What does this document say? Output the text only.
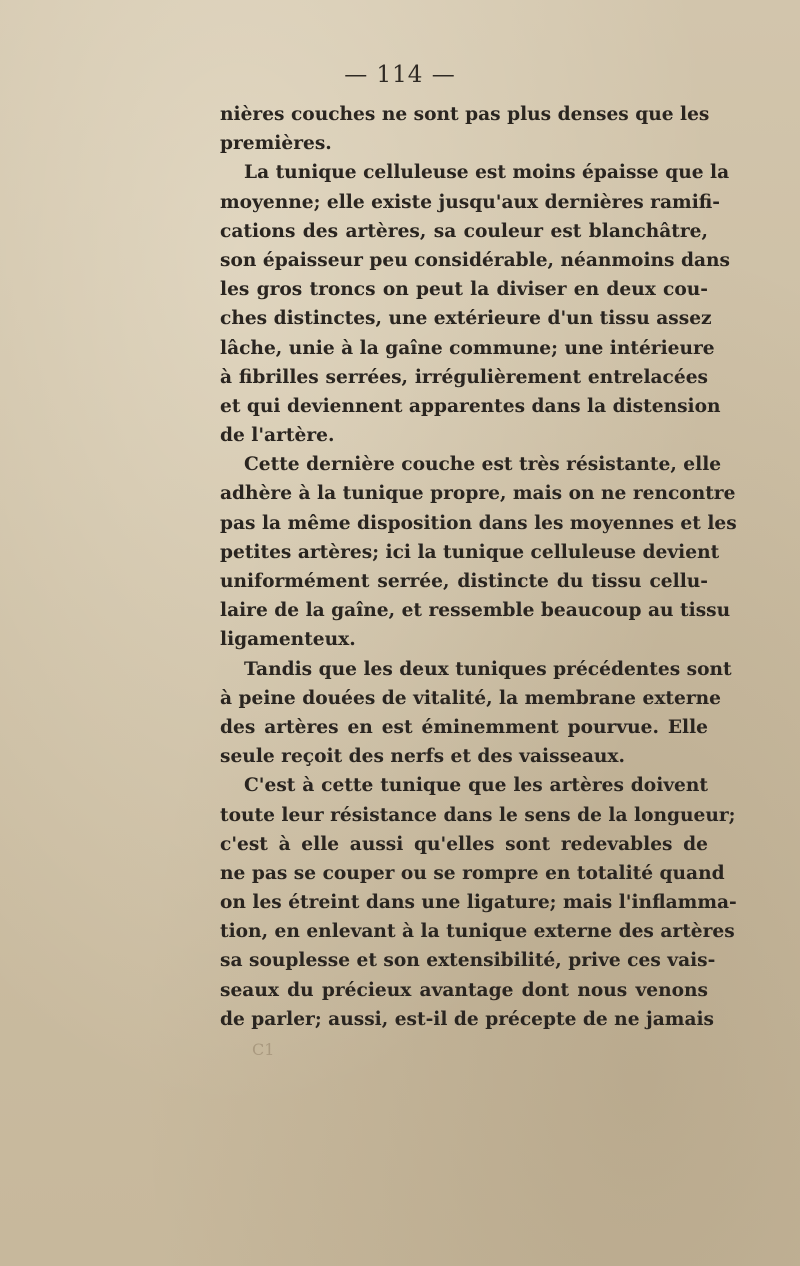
— 114 —
nières couches ne sont pas plus denses que les
premières.
La tunique celluleuse est moins épaisse que la
moyenne; elle existe jusqu'aux dernières ramifi-
cations des artères, sa couleur est blanchâtre,
son épaisseur peu considérable, néanmoins dans
les gros troncs on peut la diviser en deux cou-
ches distinctes, une extérieure d'un tissu assez
lâche, unie à la gaîne commune; une intérieure
à fibrilles serrées, irrégulièrement entrelacées
et qui deviennent apparentes dans la distension
de l'artère.
Cette dernière couche est très résistante, elle
adhère à la tunique propre, mais on ne rencontre
pas la même disposition dans les moyennes et les
petites artères; ici la tunique celluleuse devient
uniformément serrée, distincte du tissu cellu-
laire de la gaîne, et ressemble beaucoup au tissu
ligamenteux.
Tandis que les deux tuniques précédentes sont
à peine douées de vitalité, la membrane externe
des artères en est éminemment pourvue. Elle
seule reçoit des nerfs et des vaisseaux.
C'est à cette tunique que les artères doivent
toute leur résistance dans le sens de la longueur;
c'est à elle aussi qu'elles sont redevables de
ne pas se couper ou se rompre en totalité quand
on les étreint dans une ligature; mais l'inflamma-
tion, en enlevant à la tunique externe des artères
sa souplesse et son extensibilité, prive ces vais-
seaux du précieux avantage dont nous venons
de parler; aussi, est-il de précepte de ne jamais
C1
